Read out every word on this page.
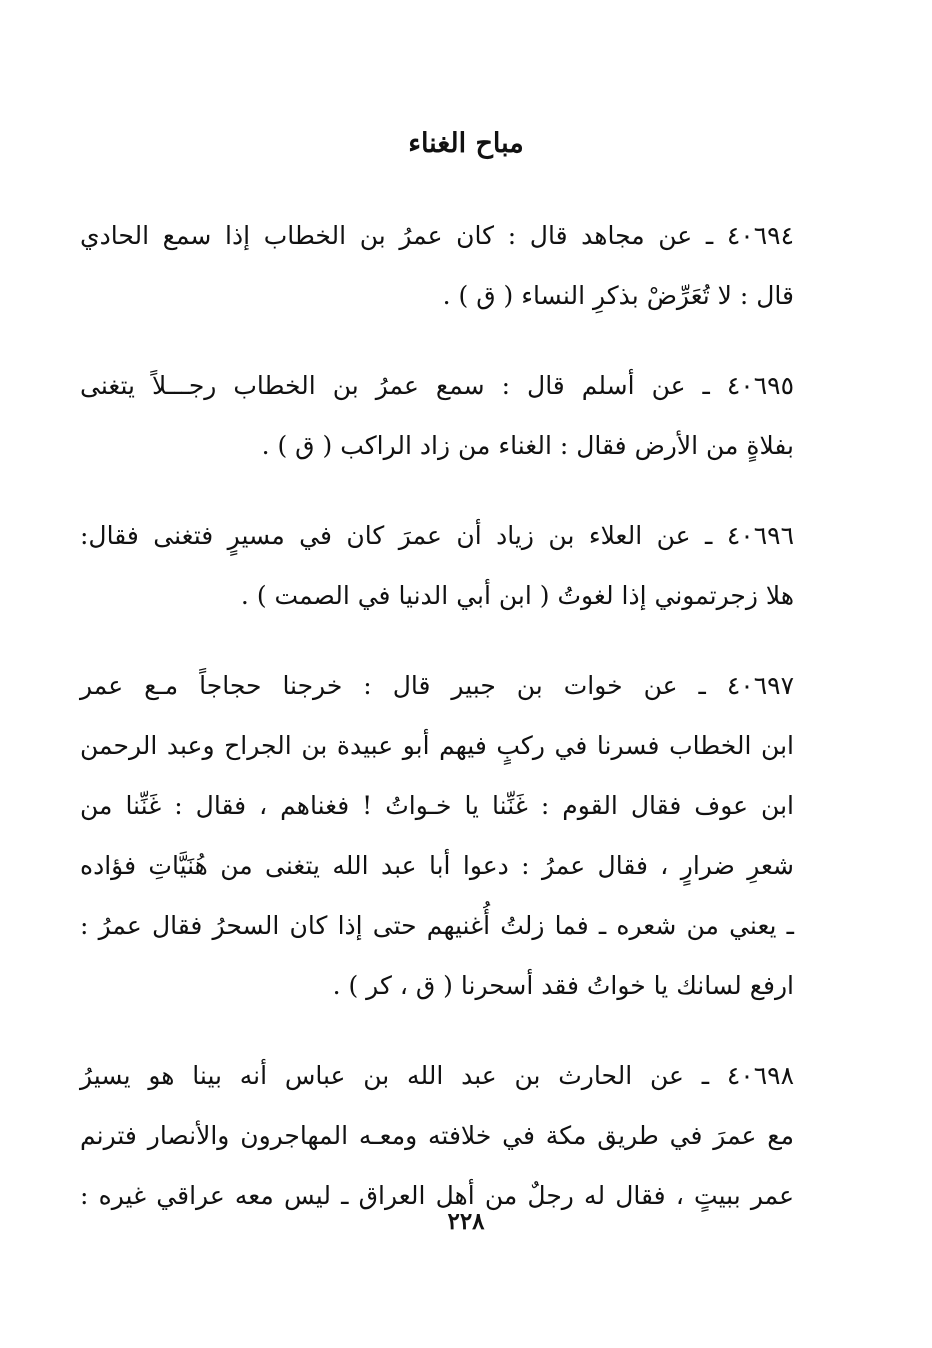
مباح الغناء
٤٠٦٩٤ ـ عن مجاهد قال : كان عمرُ بن الخطاب إذا سمع الحادي
قال : لا تُعَرِّضْ بذكرِ النساء ( ق ) .
٤٠٦٩٥ ـ عن أسلم قال : سمع عمرُ بن الخطاب رجـــلاً يتغنى
بفلاةٍ من الأرض فقال : الغناء من زاد الراكب ( ق ) .
٤٠٦٩٦ ـ عن العلاء بن زياد أن عمرَ كان في مسيرٍ فتغنى فقال:
هلا زجرتموني إذا لغوتُ ( ابن أبي الدنيا في الصمت ) .
٤٠٦٩٧ ـ عن خوات بن جبير قال : خرجنا حجاجاً مـع عمر
ابن الخطاب فسرنا في ركبٍ فيهم أبو عبيدة بن الجراح وعبد الرحمن
ابن عوف فقال القوم : غَنِّنا يا خـواتُ ! فغناهم ، فقال : غَنِّنا من
شعرِ ضرارٍ ، فقال عمرُ : دعوا أبا عبد الله يتغنى من هُنَيَّاتِ فؤاده
ـ يعني من شعره ـ فما زلتُ أُغنيهم حتى إذا كان السحرُ فقال عمرُ :
ارفع لسانك يا خواتُ فقد أسحرنا ( ق ، كر ) .
٤٠٦٩٨ ـ عن الحارث بن عبد الله بن عباس أنه بينا هو يسيرُ
مع عمرَ في طريق مكة في خلافته ومعـه المهاجرون والأنصار فترنم
عمر ببيتٍ ، فقال له رجلٌ من أهل العراق ـ ليس معه عراقي غيره :
٢٢٨
